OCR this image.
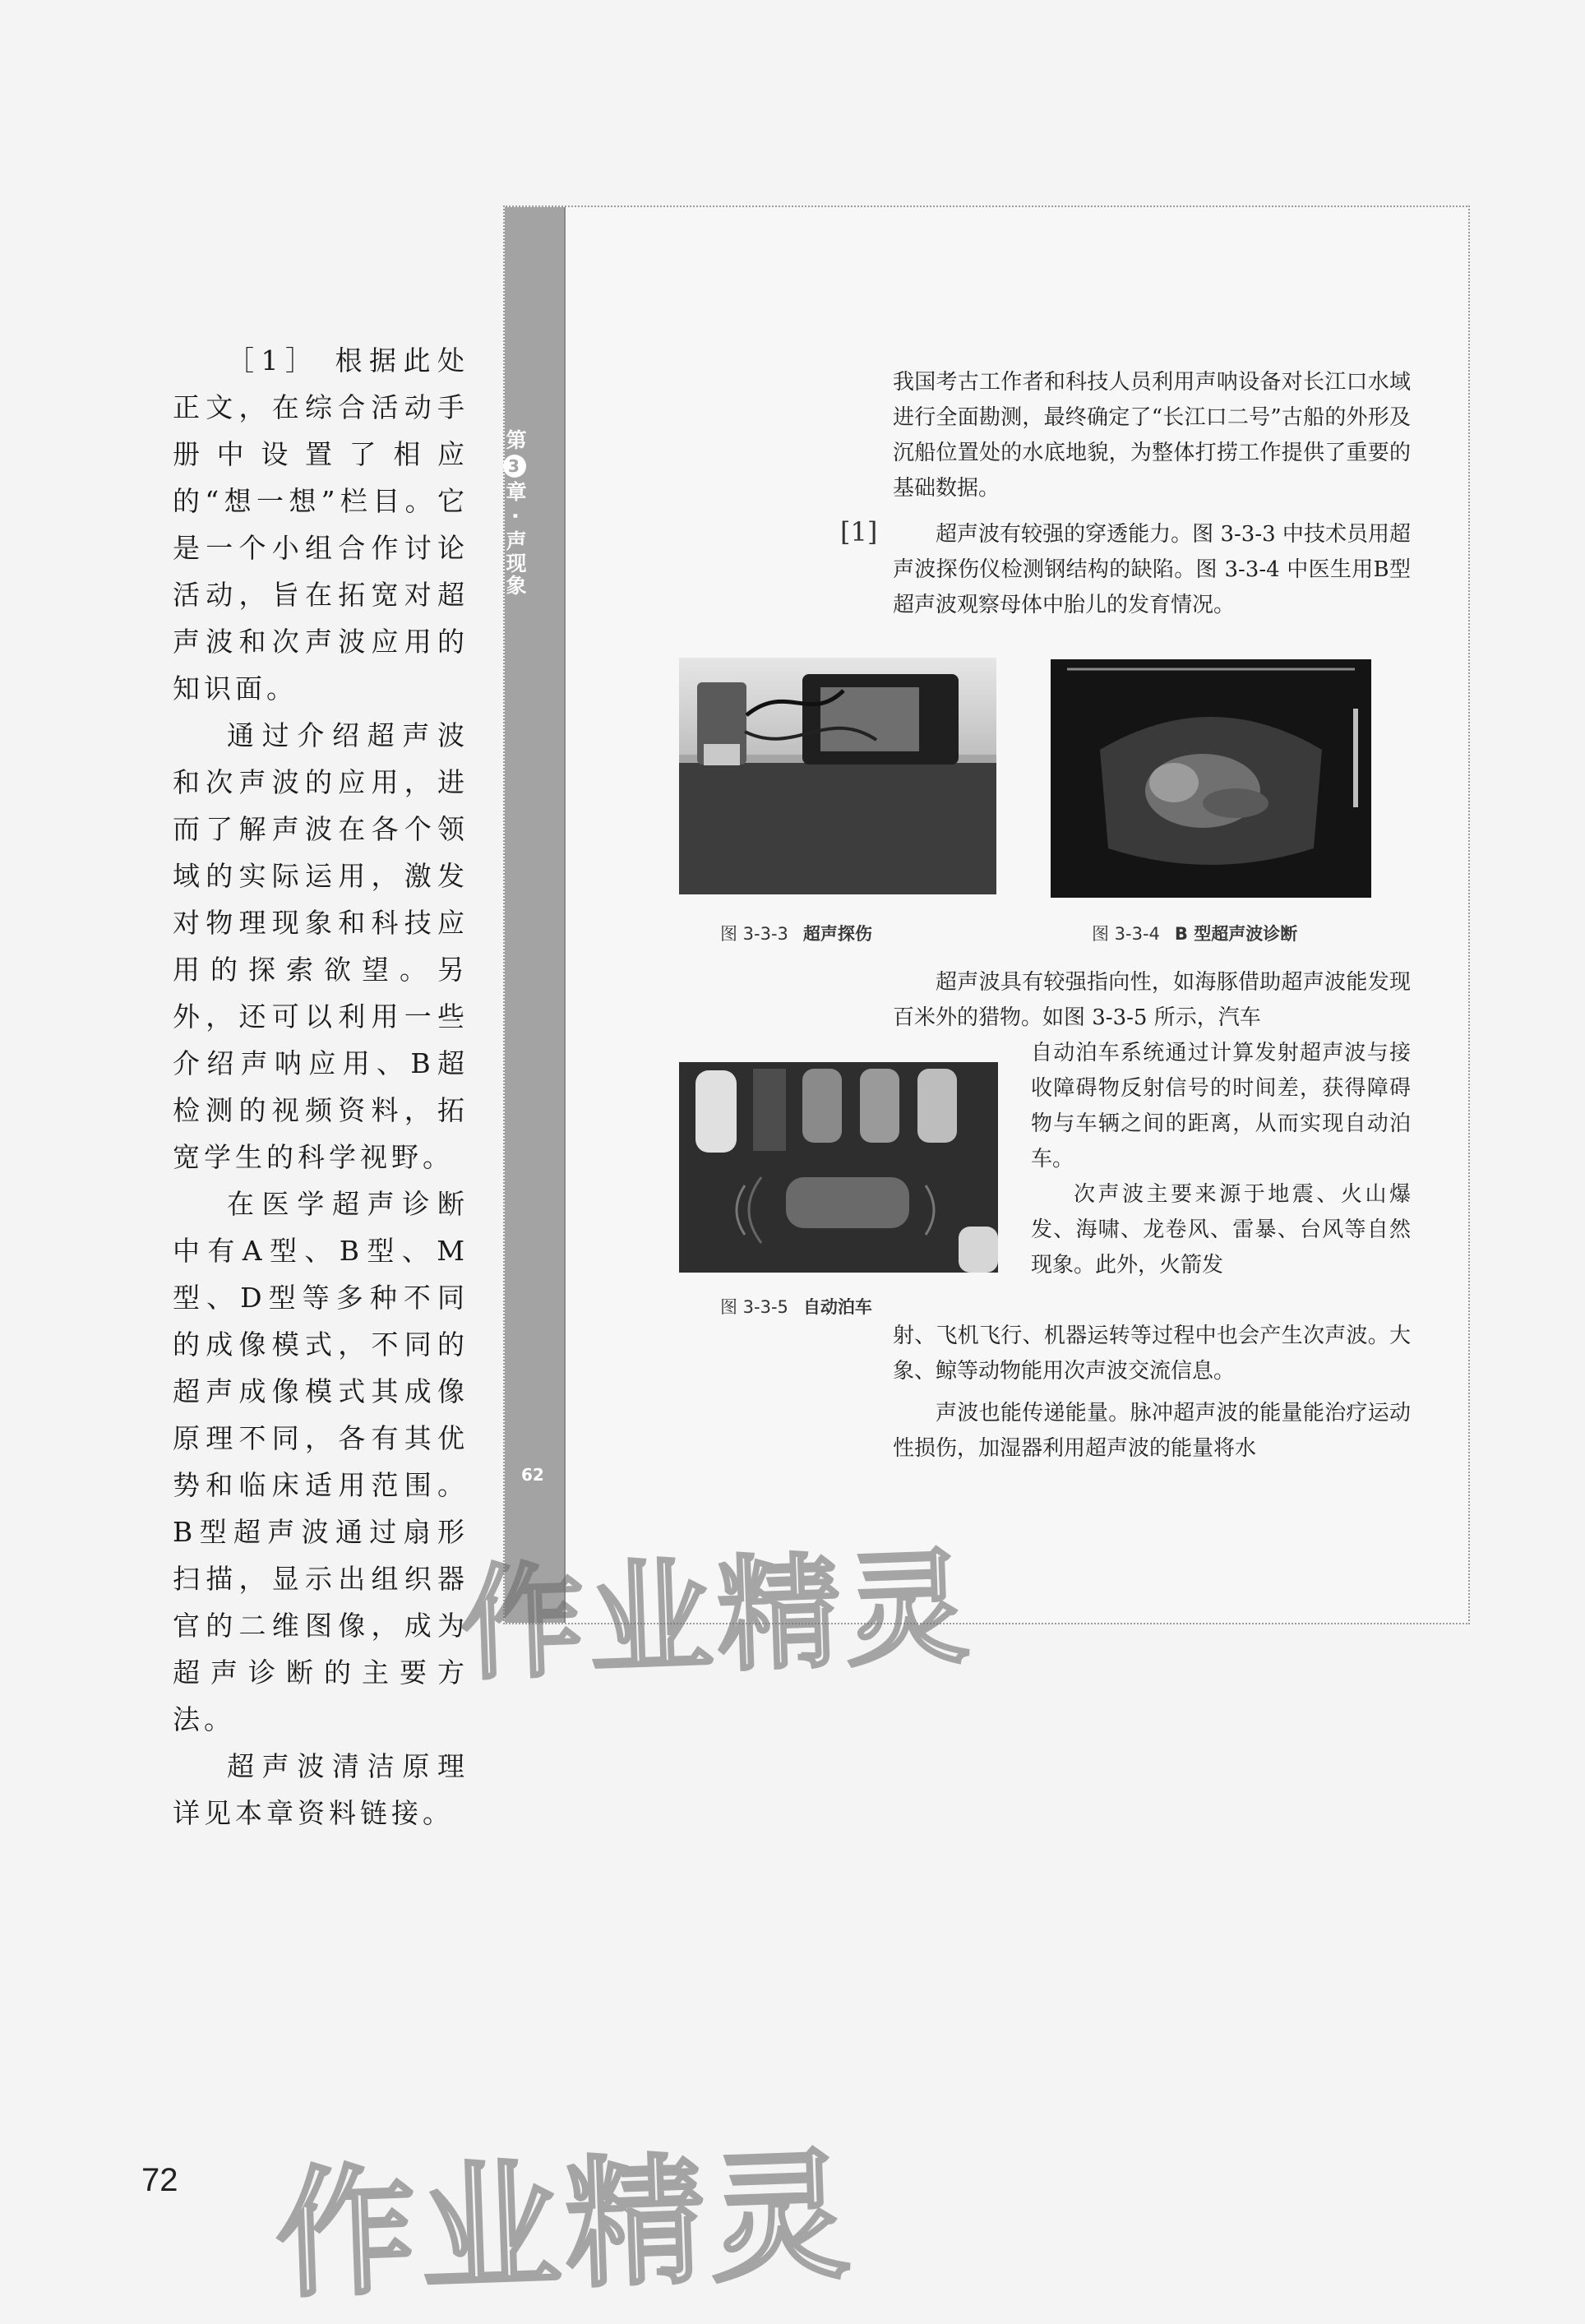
［1］ 根据此处正文，在综合活动手册中设置了相应的“想一想”栏目。它是一个小组合作讨论活动，旨在拓宽对超声波和次声波应用的知识面。

通过介绍超声波和次声波的应用，进而了解声波在各个领域的实际运用，激发对物理现象和科技应用的探索欲望。另外，还可以利用一些介绍声呐应用、B超检测的视频资料，拓宽学生的科学视野。

在医学超声诊断中有A型、B型、M型、D型等多种不同的成像模式，不同的超声成像模式其成像原理不同，各有其优势和临床适用范围。B型超声波通过扇形扫描，显示出组织器官的二维图像，成为超声诊断的主要方法。

超声波清洁原理详见本章资料链接。

第3章 · 声现象
62

我国考古工作者和科技人员利用声呐设备对长江口水域进行全面勘测，最终确定了“长江口二号”古船的外形及沉船位置处的水底地貌，为整体打捞工作提供了重要的基础数据。

[1]	超声波有较强的穿透能力。图 3-3-3 中技术员用超声波探伤仪检测钢结构的缺陷。图 3-3-4 中医生用B型超声波观察母体中胎儿的发育情况。

图 3-3-3 超声探伤	图 3-3-4 B 型超声波诊断

超声波具有较强指向性，如海豚借助超声波能发现百米外的猎物。如图 3-3-5 所示，汽车

图 3-3-5 自动泊车

自动泊车系统通过计算发射超声波与接收障碍物反射信号的时间差，获得障碍物与车辆之间的距离，从而实现自动泊车。

次声波主要来源于地震、火山爆发、海啸、龙卷风、雷暴、台风等自然现象。此外，火箭发

射、飞机飞行、机器运转等过程中也会产生次声波。大象、鲸等动物能用次声波交流信息。

声波也能传递能量。脉冲超声波的能量能治疗运动性损伤，加湿器利用超声波的能量将水

72
作业精灵
作业精灵
